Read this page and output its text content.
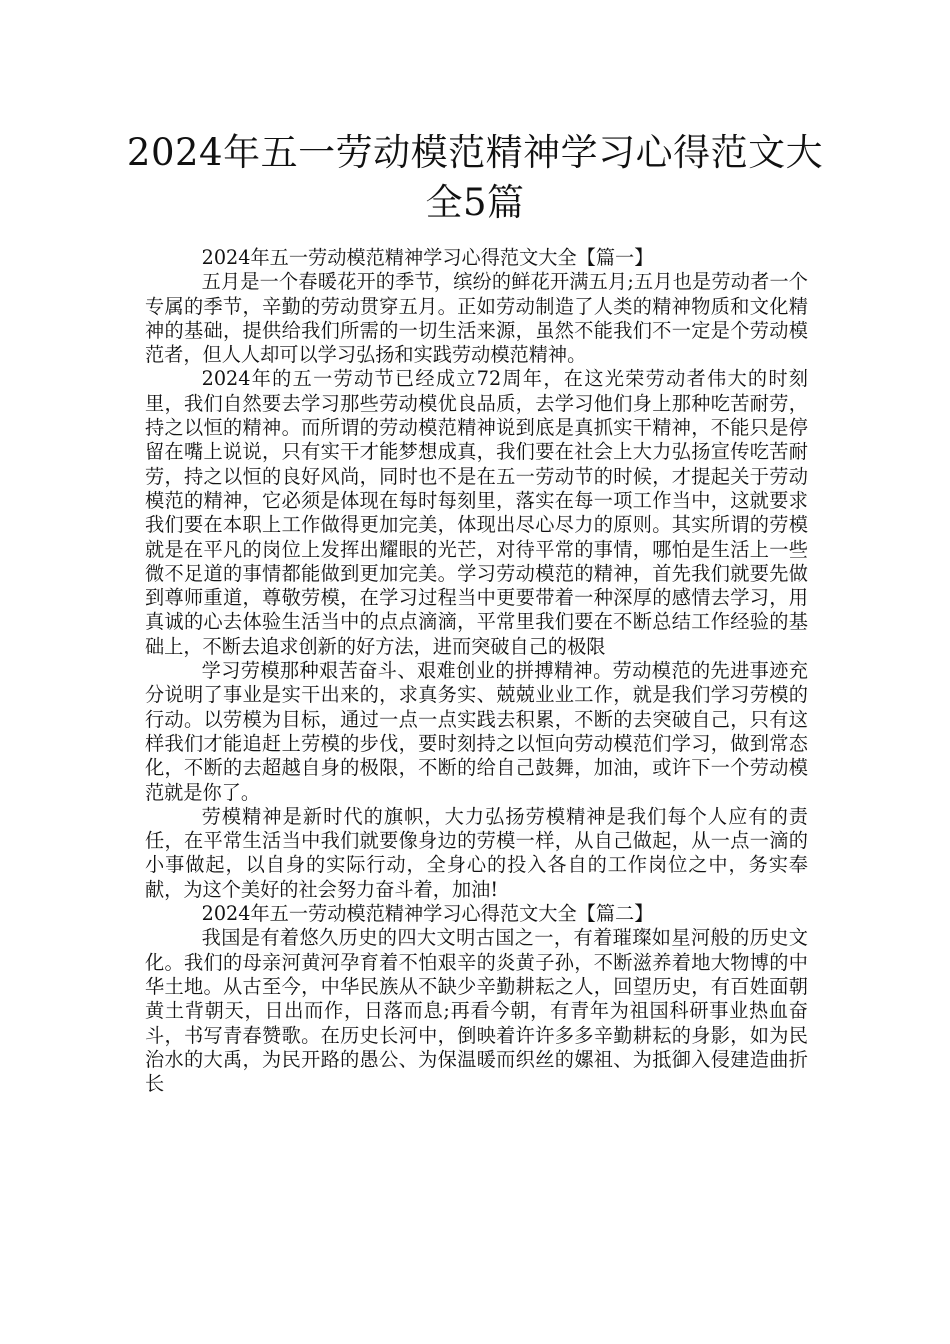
2024年五一劳动模范精神学习心得范文大全5篇

2024年五一劳动模范精神学习心得范文大全【篇一】

五月是一个春暖花开的季节，缤纷的鲜花开满五月;五月也是劳动者一个专属的季节，辛勤的劳动贯穿五月。正如劳动制造了人类的精神物质和文化精神的基础，提供给我们所需的一切生活来源，虽然不能我们不一定是个劳动模范者，但人人却可以学习弘扬和实践劳动模范精神。

2024年的五一劳动节已经成立72周年，在这光荣劳动者伟大的时刻里，我们自然要去学习那些劳动模优良品质，去学习他们身上那种吃苦耐劳，持之以恒的精神。而所谓的劳动模范精神说到底是真抓实干精神，不能只是停留在嘴上说说，只有实干才能梦想成真，我们要在社会上大力弘扬宣传吃苦耐劳，持之以恒的良好风尚，同时也不是在五一劳动节的时候，才提起关于劳动模范的精神，它必须是体现在每时每刻里，落实在每一项工作当中，这就要求我们要在本职上工作做得更加完美，体现出尽心尽力的原则。其实所谓的劳模就是在平凡的岗位上发挥出耀眼的光芒，对待平常的事情，哪怕是生活上一些微不足道的事情都能做到更加完美。学习劳动模范的精神，首先我们就要先做到尊师重道，尊敬劳模，在学习过程当中更要带着一种深厚的感情去学习，用真诚的心去体验生活当中的点点滴滴，平常里我们要在不断总结工作经验的基础上，不断去追求创新的好方法，进而突破自己的极限

学习劳模那种艰苦奋斗、艰难创业的拼搏精神。劳动模范的先进事迹充分说明了事业是实干出来的，求真务实、兢兢业业工作，就是我们学习劳模的行动。以劳模为目标，通过一点一点实践去积累，不断的去突破自己，只有这样我们才能追赶上劳模的步伐，要时刻持之以恒向劳动模范们学习，做到常态化，不断的去超越自身的极限，不断的给自己鼓舞，加油，或许下一个劳动模范就是你了。

劳模精神是新时代的旗帜，大力弘扬劳模精神是我们每个人应有的责任，在平常生活当中我们就要像身边的劳模一样，从自己做起，从一点一滴的小事做起，以自身的实际行动，全身心的投入各自的工作岗位之中，务实奉献，为这个美好的社会努力奋斗着，加油!

2024年五一劳动模范精神学习心得范文大全【篇二】

我国是有着悠久历史的四大文明古国之一，有着璀璨如星河般的历史文化。我们的母亲河黄河孕育着不怕艰辛的炎黄子孙，不断滋养着地大物博的中华土地。从古至今，中华民族从不缺少辛勤耕耘之人，回望历史，有百姓面朝黄土背朝天，日出而作，日落而息;再看今朝，有青年为祖国科研事业热血奋斗，书写青春赞歌。在历史长河中，倒映着许许多多辛勤耕耘的身影，如为民治水的大禹，为民开路的愚公、为保温暖而织丝的嫘祖、为抵御入侵建造曲折长
